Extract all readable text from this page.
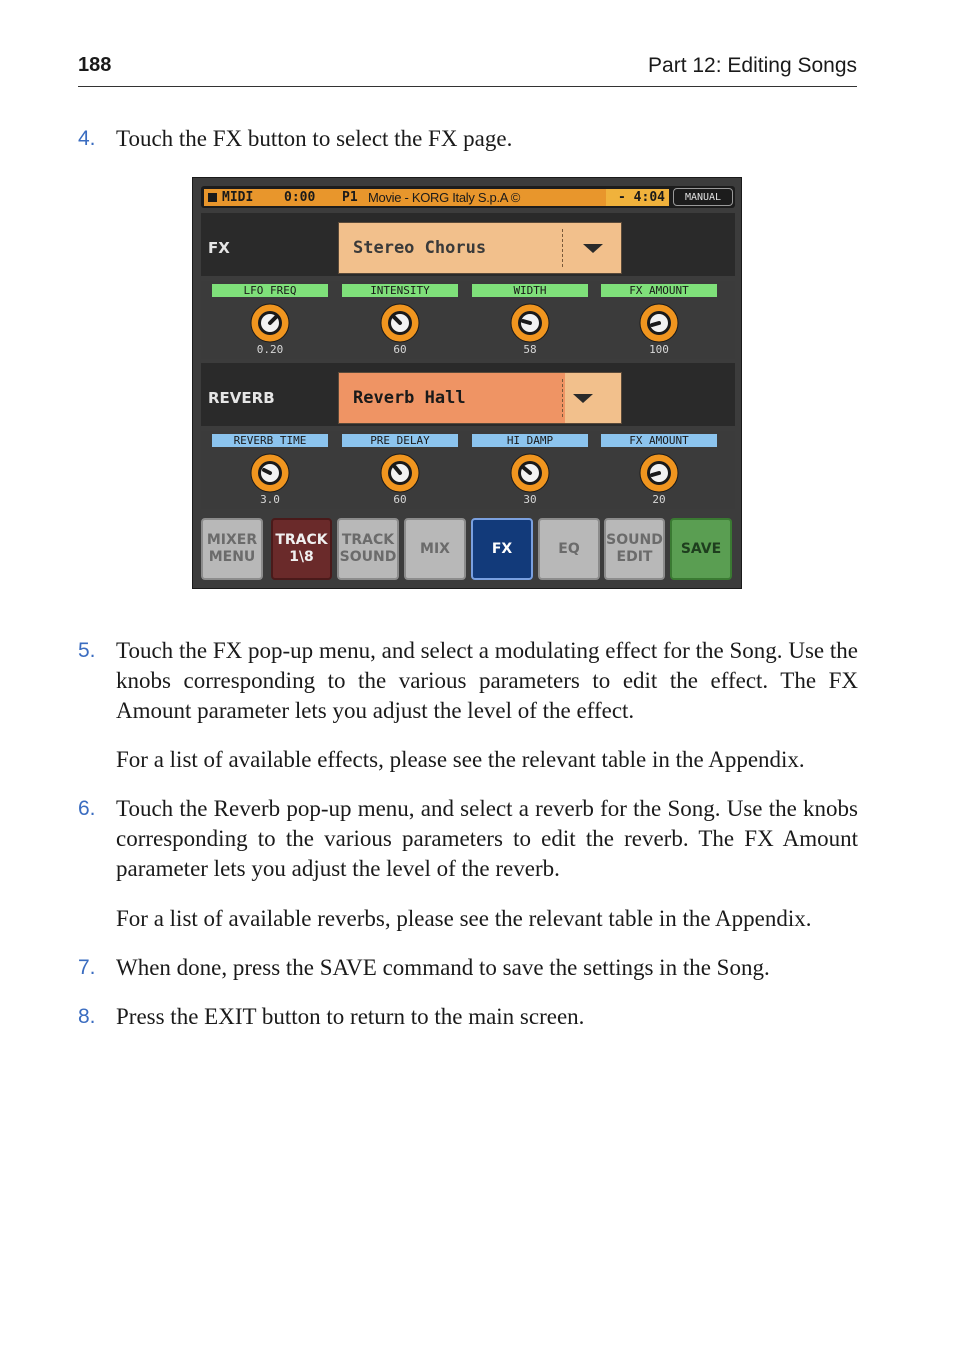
188	Part 12: Editing Songs
4. Touch the FX button to select the FX page.
MIDI 0:00 P1 Movie - KORG Italy S.p.A ©	- 4:04	MANUAL
FX	Stereo Chorus
LFO FREQ	INTENSITY	WIDTH	FX AMOUNT
0.20	60	58	100
REVERB	Reverb Hall
REVERB TIME	PRE DELAY	HI DAMP	FX AMOUNT
3.0	60	30	20
MIXER
MENU
TRACK
1\8
TRACK
SOUND
MIX	FX	EQ
SOUND
EDIT
SAVE
5. Touch the FX pop-up menu, and select a modulating effect for the Song. Use the knobs corresponding to the various parameters to edit the effect. The FX Amount parameter lets you adjust the level of the effect.
For a list of available effects, please see the relevant table in the Appendix.
6. Touch the Reverb pop-up menu, and select a reverb for the Song. Use the knobs corresponding to the various parameters to edit the reverb. The FX Amount parameter lets you adjust the level of the reverb.
For a list of available reverbs, please see the relevant table in the Appendix.
7. When done, press the SAVE command to save the settings in the Song.
8. Press the EXIT button to return to the main screen.
